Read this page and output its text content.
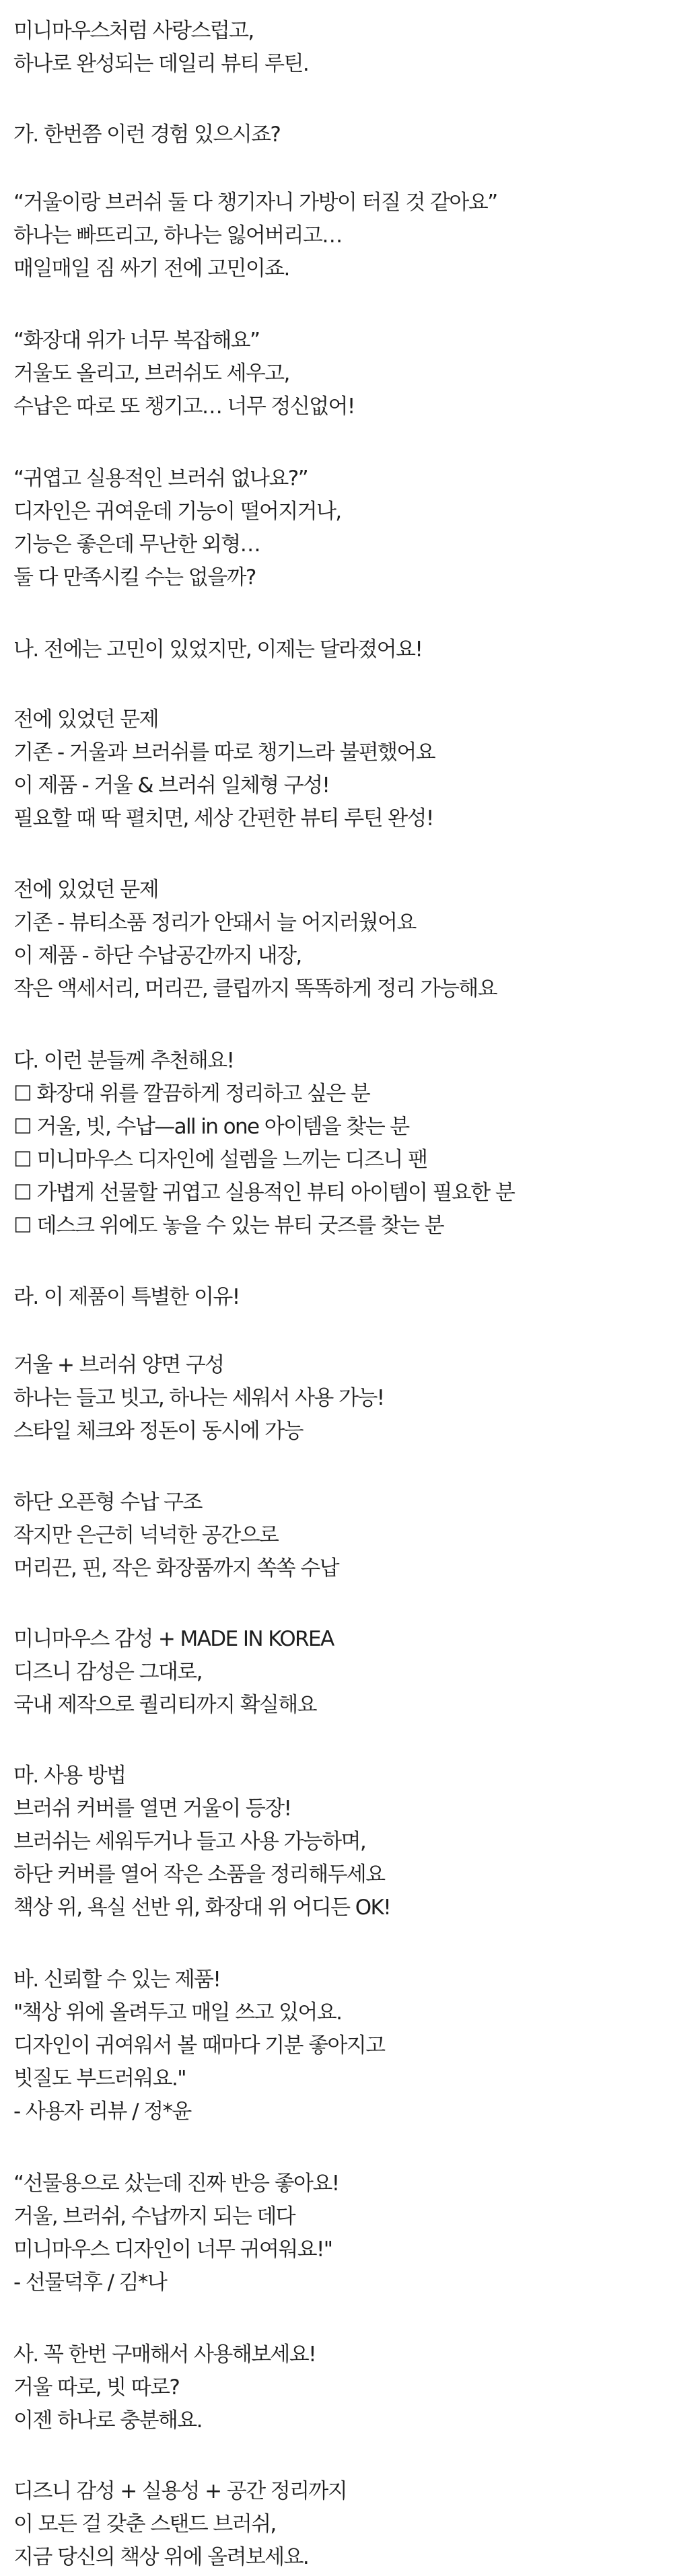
미니마우스처럼 사랑스럽고,
하나로 완성되는 데일리 뷰티 루틴.
가. 한번쯤 이런 경험 있으시죠?
“거울이랑 브러쉬 둘 다 챙기자니 가방이 터질 것 같아요”
하나는 빠뜨리고, 하나는 잃어버리고…
매일매일 짐 싸기 전에 고민이죠.
“화장대 위가 너무 복잡해요”
거울도 올리고, 브러쉬도 세우고,
수납은 따로 또 챙기고… 너무 정신없어!
“귀엽고 실용적인 브러쉬 없나요?”
디자인은 귀여운데 기능이 떨어지거나,
기능은 좋은데 무난한 외형…
둘 다 만족시킬 수는 없을까?
나. 전에는 고민이 있었지만, 이제는 달라졌어요!
전에 있었던 문제
기존 - 거울과 브러쉬를 따로 챙기느라 불편했어요
이 제품 - 거울 & 브러쉬 일체형 구성!
필요할 때 딱 펼치면, 세상 간편한 뷰티 루틴 완성!
전에 있었던 문제
기존 - 뷰티소품 정리가 안돼서 늘 어지러웠어요
이 제품 - 하단 수납공간까지 내장,
작은 액세서리, 머리끈, 클립까지 똑똑하게 정리 가능해요
다. 이런 분들께 추천해요!
☐ 화장대 위를 깔끔하게 정리하고 싶은 분
☐ 거울, 빗, 수납—all in one 아이템을 찾는 분
☐ 미니마우스 디자인에 설렘을 느끼는 디즈니 팬
☐ 가볍게 선물할 귀엽고 실용적인 뷰티 아이템이 필요한 분
☐ 데스크 위에도 놓을 수 있는 뷰티 굿즈를 찾는 분
라. 이 제품이 특별한 이유!
거울 + 브러쉬 양면 구성
하나는 들고 빗고, 하나는 세워서 사용 가능!
스타일 체크와 정돈이 동시에 가능
하단 오픈형 수납 구조
작지만 은근히 넉넉한 공간으로
머리끈, 핀, 작은 화장품까지 쏙쏙 수납
미니마우스 감성 + MADE IN KOREA
디즈니 감성은 그대로,
국내 제작으로 퀄리티까지 확실해요
마. 사용 방법
브러쉬 커버를 열면 거울이 등장!
브러쉬는 세워두거나 들고 사용 가능하며,
하단 커버를 열어 작은 소품을 정리해두세요
책상 위, 욕실 선반 위, 화장대 위 어디든 OK!
바. 신뢰할 수 있는 제품!
"책상 위에 올려두고 매일 쓰고 있어요.
디자인이 귀여워서 볼 때마다 기분 좋아지고
빗질도 부드러워요."
- 사용자 리뷰 / 정*윤
“선물용으로 샀는데 진짜 반응 좋아요!
거울, 브러쉬, 수납까지 되는 데다
미니마우스 디자인이 너무 귀여워요!"
- 선물덕후 / 김*나
사. 꼭 한번 구매해서 사용해보세요!
거울 따로, 빗 따로?
이젠 하나로 충분해요.
디즈니 감성 + 실용성 + 공간 정리까지
이 모든 걸 갖춘 스탠드 브러쉬,
지금 당신의 책상 위에 올려보세요.
